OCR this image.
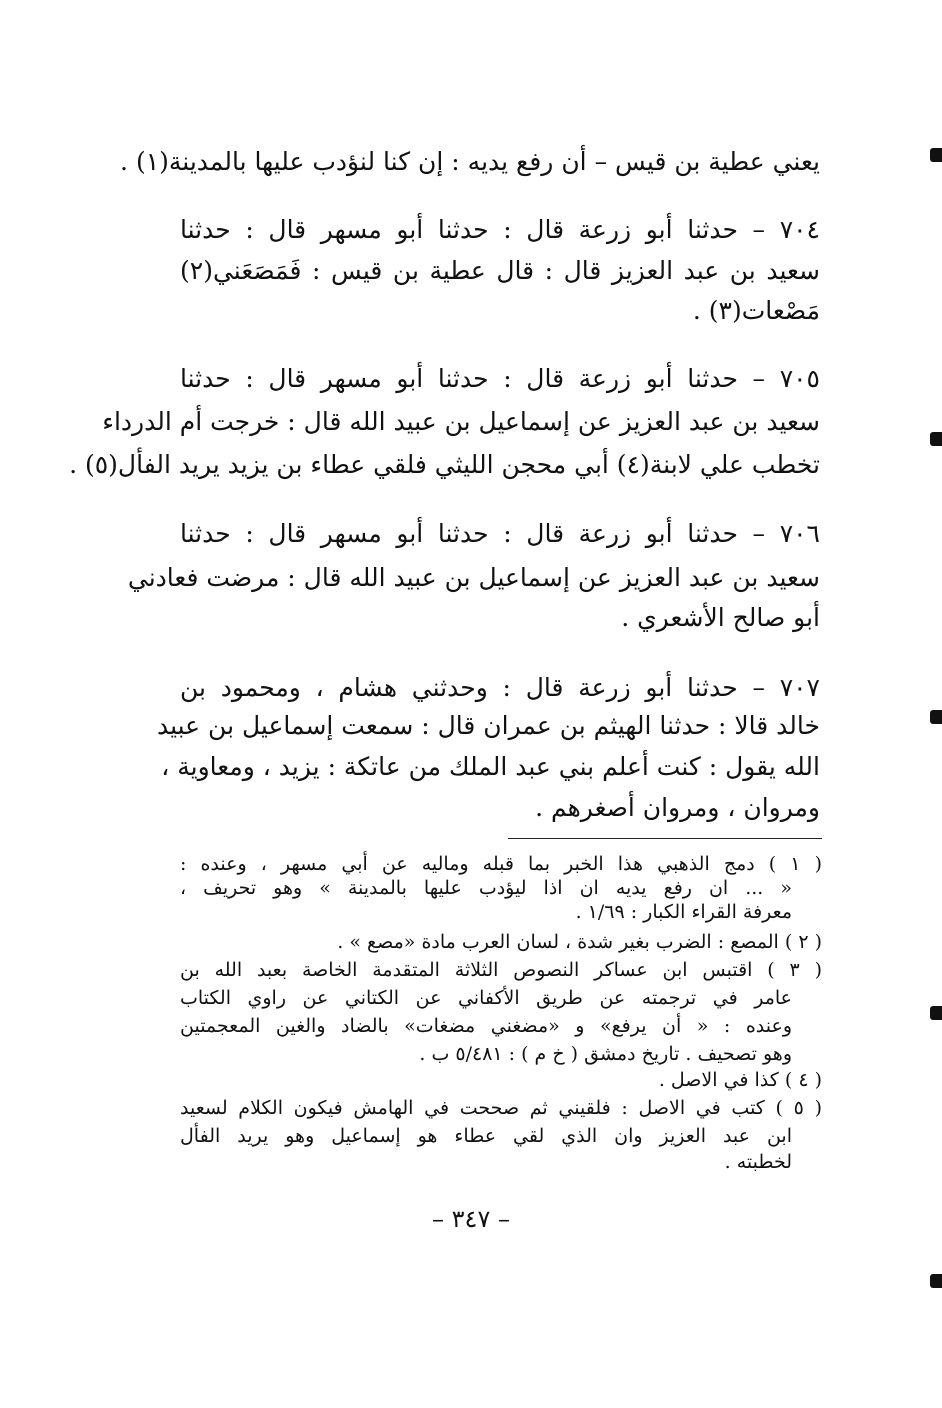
يعني عطية بن قيس – أن رفع يديه : إن كنا لنؤدب عليها بالمدينة(١) .
٧٠٤ – حدثنا أبو زرعة قال : حدثنا أبو مسهر قال : حدثنا
سعيد بن عبد العزيز قال : قال عطية بن قيس : فَمَصَعَني(٢)
مَصْعات(٣) .
٧٠٥ – حدثنا أبو زرعة قال : حدثنا أبو مسهر قال : حدثنا
سعيد بن عبد العزيز عن إسماعيل بن عبيد الله قال : خرجت أم الدرداء
تخطب علي لابنة(٤) أبي محجن الليثي فلقي عطاء بن يزيد يريد الفأل(٥) .
٧٠٦ – حدثنا أبو زرعة قال : حدثنا أبو مسهر قال : حدثنا
سعيد بن عبد العزيز عن إسماعيل بن عبيد الله قال : مرضت فعادني
أبو صالح الأشعري .
٧٠٧ – حدثنا أبو زرعة قال : وحدثني هشام ، ومحمود بن
خالد قالا : حدثنا الهيثم بن عمران قال : سمعت إسماعيل بن عبيد
الله يقول : كنت أعلم بني عبد الملك من عاتكة : يزيد ، ومعاوية ،
ومروان ، ومروان أصغرهم .
( ١ ) دمج الذهبي هذا الخبر بما قبله وماليه عن أبي مسهر ، وعنده :
« ... ان رفع يديه ان اذا ليؤدب عليها بالمدينة » وهو تحريف ،
معرفة القراء الكبار : ١/٦٩ .
( ٢ ) المصع : الضرب بغير شدة ، لسان العرب مادة «مصع » .
( ٣ ) اقتبس ابن عساكر النصوص الثلاثة المتقدمة الخاصة بعبد الله بن
عامر في ترجمته عن طريق الأكفاني عن الكتاني عن راوي الكتاب
وعنده : « أن يرفع» و «مضغني مضغات» بالضاد والغين المعجمتين
وهو تصحيف . تاريخ دمشق ( خ م ) : ٥/٤٨١ ب .
( ٤ ) كذا في الاصل .
( ٥ ) كتب في الاصل : فلقيني ثم صححت في الهامش فيكون الكلام لسعيد
ابن عبد العزيز وان الذي لقي عطاء هو إسماعيل وهو يريد الفأل
لخطبته .
– ٣٤٧ –
